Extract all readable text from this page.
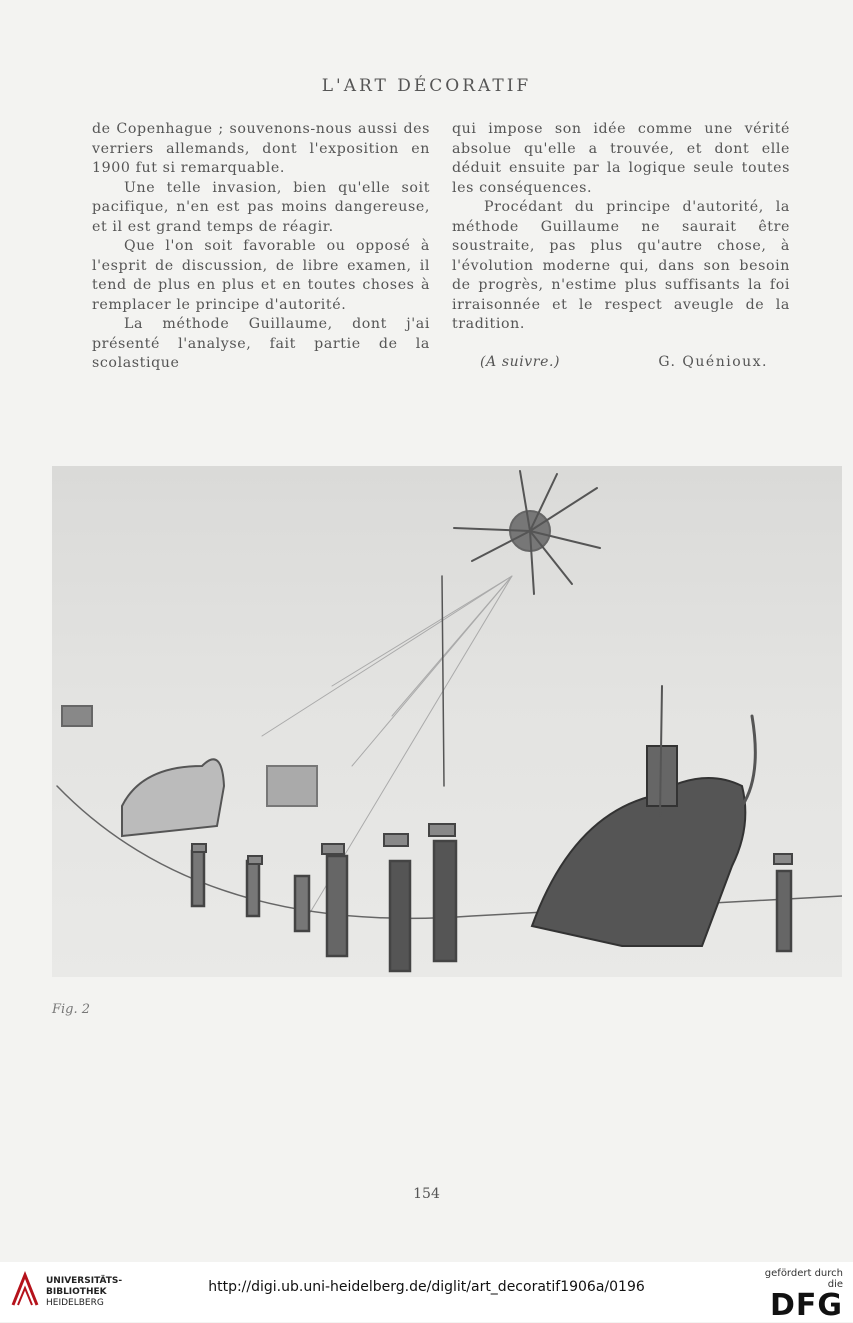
L'ART DÉCORATIF

de Copenhague ; souvenons-nous aussi des verriers allemands, dont l'exposition en 1900 fut si remarquable.

Une telle invasion, bien qu'elle soit pacifique, n'en est pas moins dangereuse, et il est grand temps de réagir.

Que l'on soit favorable ou opposé à l'esprit de discussion, de libre examen, il tend de plus en plus et en toutes choses à remplacer le principe d'autorité.

La méthode Guillaume, dont j'ai présenté l'analyse, fait partie de la scolastique

qui impose son idée comme une vérité absolue qu'elle a trouvée, et dont elle déduit ensuite par la logique seule toutes les conséquences.

Procédant du principe d'autorité, la méthode Guillaume ne saurait être soustraite, pas plus qu'autre chose, à l'évolution moderne qui, dans son besoin de progrès, n'estime plus suffisants la foi irraisonnée et le respect aveugle de la tradition.

(A suivre.)	G. Quénioux.
Fig. 2
154
UNIVERSITÄTS-
BIBLIOTHEK
HEIDELBERG
http://digi.ub.uni-heidelberg.de/diglit/art_decoratif1906a/0196
gefördert durch die
DFG
